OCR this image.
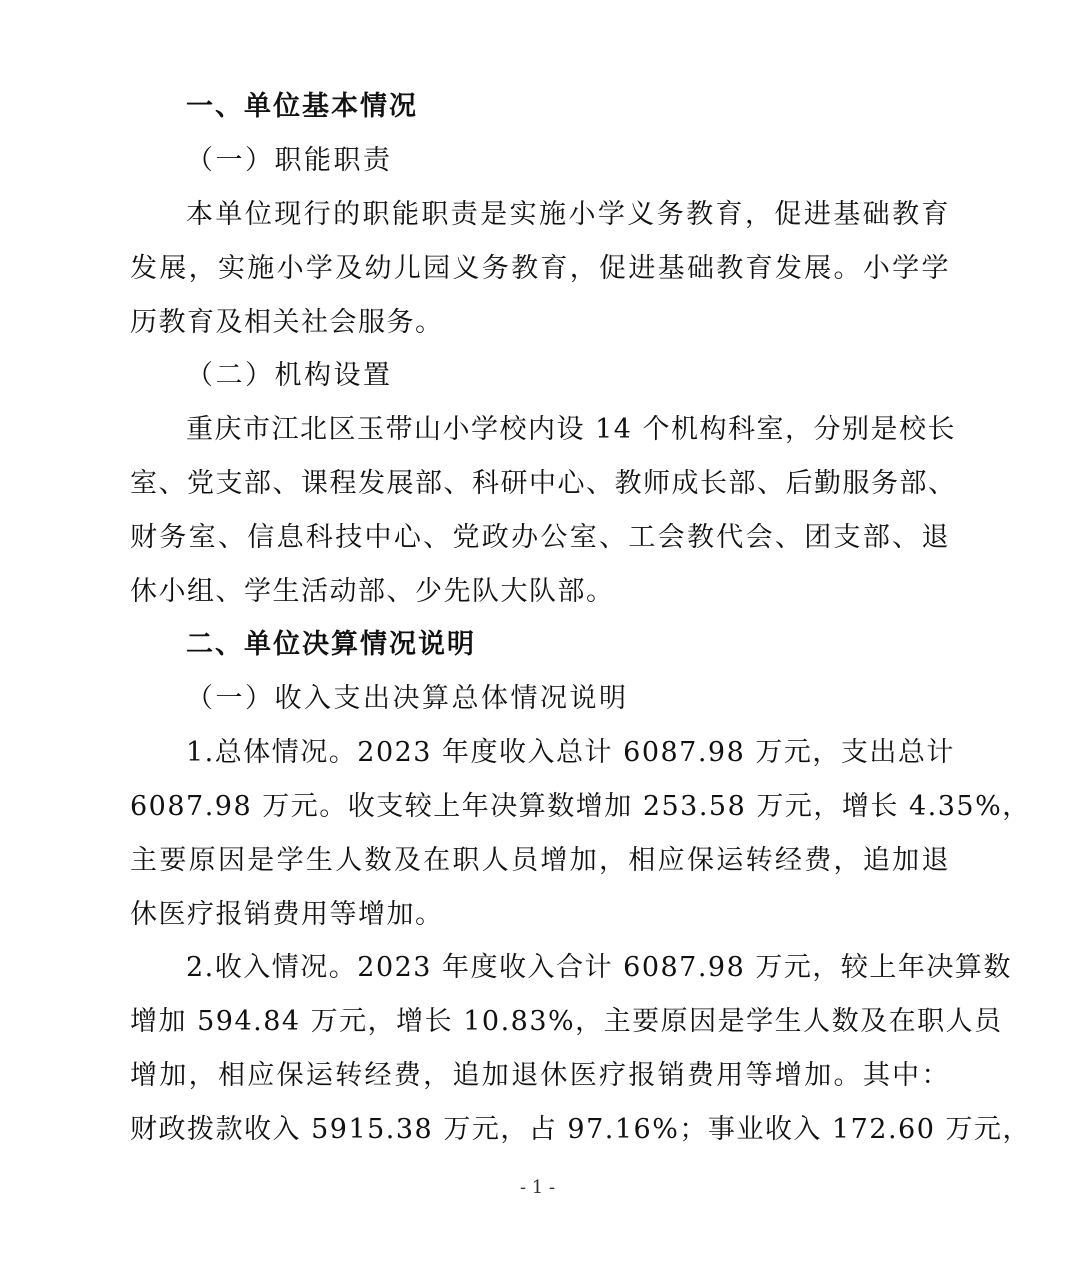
一、单位基本情况
（一）职能职责
本单位现行的职能职责是实施小学义务教育，促进基础教育
发展，实施小学及幼儿园义务教育，促进基础教育发展。小学学
历教育及相关社会服务。
（二）机构设置
重庆市江北区玉带山小学校内设 14 个机构科室，分别是校长
室、党支部、课程发展部、科研中心、教师成长部、后勤服务部、
财务室、信息科技中心、党政办公室、工会教代会、团支部、退
休小组、学生活动部、少先队大队部。
二、单位决算情况说明
（一）收入支出决算总体情况说明
1.总体情况。2023 年度收入总计 6087.98 万元，支出总计
6087.98 万元。收支较上年决算数增加 253.58 万元，增长 4.35%，
主要原因是学生人数及在职人员增加，相应保运转经费，追加退
休医疗报销费用等增加。
2.收入情况。2023 年度收入合计 6087.98 万元，较上年决算数
增加 594.84 万元，增长 10.83%，主要原因是学生人数及在职人员
增加，相应保运转经费，追加退休医疗报销费用等增加。其中：
财政拨款收入 5915.38 万元，占 97.16%；事业收入 172.60 万元，
- 1 -
